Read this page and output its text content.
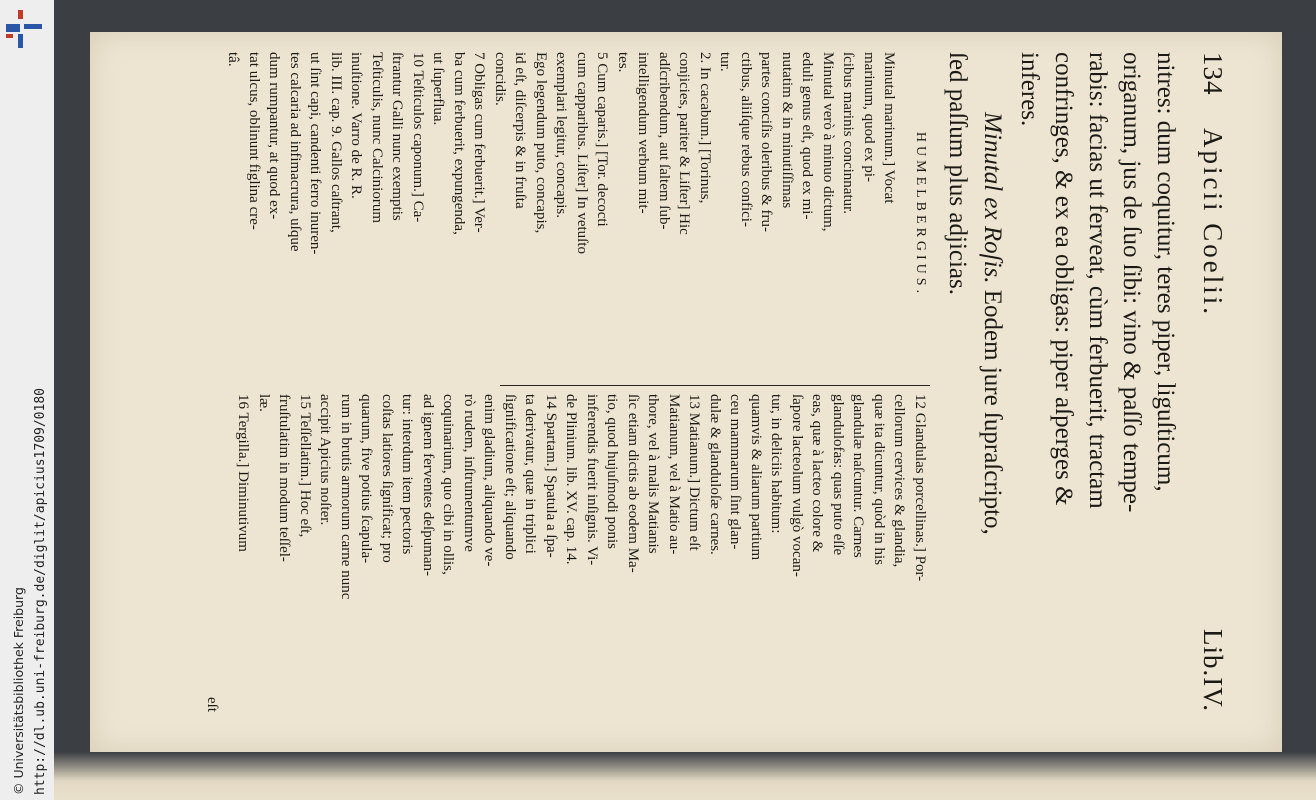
http://dl.ub.uni-freiburg.de/diglit/apicius1709/0180
© Universitätsbibliothek Freiburg
134
Apicii Coelii.
Lib.IV.
nitres: dum coquitur, teres piper, liguſticum,
origanum, jus de ſuo ſibi: vino & paſſo tempe-
rabis: facias ut ferveat, cùm ferbuerit, tractam
confringes, & ex ea obligas: piper aſperges &
inferes.
Minutal ex Roſis. Eodem jure ſupraſcripto,
ſed paſſum plus adjicias.
HUMELBERGIUS.
Minutal marinum.] Vocat
marinum, quod ex pi-
ſcibus marinis concinnatur.
Minutal verò à minuo dictum,
eduli genus eſt, quod ex mi-
nutatim & in minutiſſimas
partes conciſis oleribus & fru-
ctibus, aliiſque rebus confici-
tur.
2. In cacabum.] [Torinus,
conjicies, pariter & Liſter] Hic
adſcribendum, aut ſaltem ſub-
intelligendum verbum mit-
tes.
5 Cum caparis.] [Tor. decocti
cum capparibus. Liſter] In vetuſto
exemplari legitur, concapis.
Ego legendum puto, concapis,
id eſt, diſcerpis & in fruſta
concidis.
7 Obligas cum ferbuerit.] Ver-
ba cum ferbuerit, expungenda,
ut ſuperflua.
10 Teſticulos caponum.] Ca-
ſtrantur Galli nunc exemptis
Teſticulis, nunc Calciniorum
inuſtione. Varro de R. R.
lib. III. cap. 9. Gallos caſtrant,
ut ſint capi, candenti ferro inuren-
tes calcaria ad infimacrura, uſque
dum rumpantur, at quod ex-
tat ulcus, oblinunt figlina cre-
tâ.
12 Glandulas porcellinas.] Por-
cellorum cervices & glandia,
quæ ita dicuntur, quòd in his
glandulæ naſcuntur. Carnes
glandulofas: quas puto eſſe
eas, quæ à lacteo colore &
ſapore lacteolum vulgò vocan-
tur, in deliciis habitum:
quamvis & aliarum partium
ceu mammarum ſint glan-
dulæ & glanduloſæ carnes.
13 Matianum.] Dictum eſt
Matianum, vel à Matio au-
thore, vel à malis Matianis
ſic etiam dictis ab eodem Ma-
tio, quod hujuſmodi ponis
inferendis fuerit inſignis. Vi-
de Plinium. lib. XV. cap. 14.
14 Spartam.] Spatula a ſpa-
ta derivatur, quæ in triplici
ſignificatione eſt; aliquando
enim gladium, aliquando ve-
rò rudem, inſtrumentumve
coquinarium, quo cibi in ollis,
ad ignem ferventes deſpuman-
tur: interdum item pectoris
coſtas latiores ſignificat; pro
quarum, five potius ſcapula-
rum in brutis armorum carne nunc
accipit Apicius noſter.
15 Teſſellatim.] Hoc eſt,
fruſtulatim in modum teſſel-
læ.
16 Tergilla.] Diminutivum
eſt
